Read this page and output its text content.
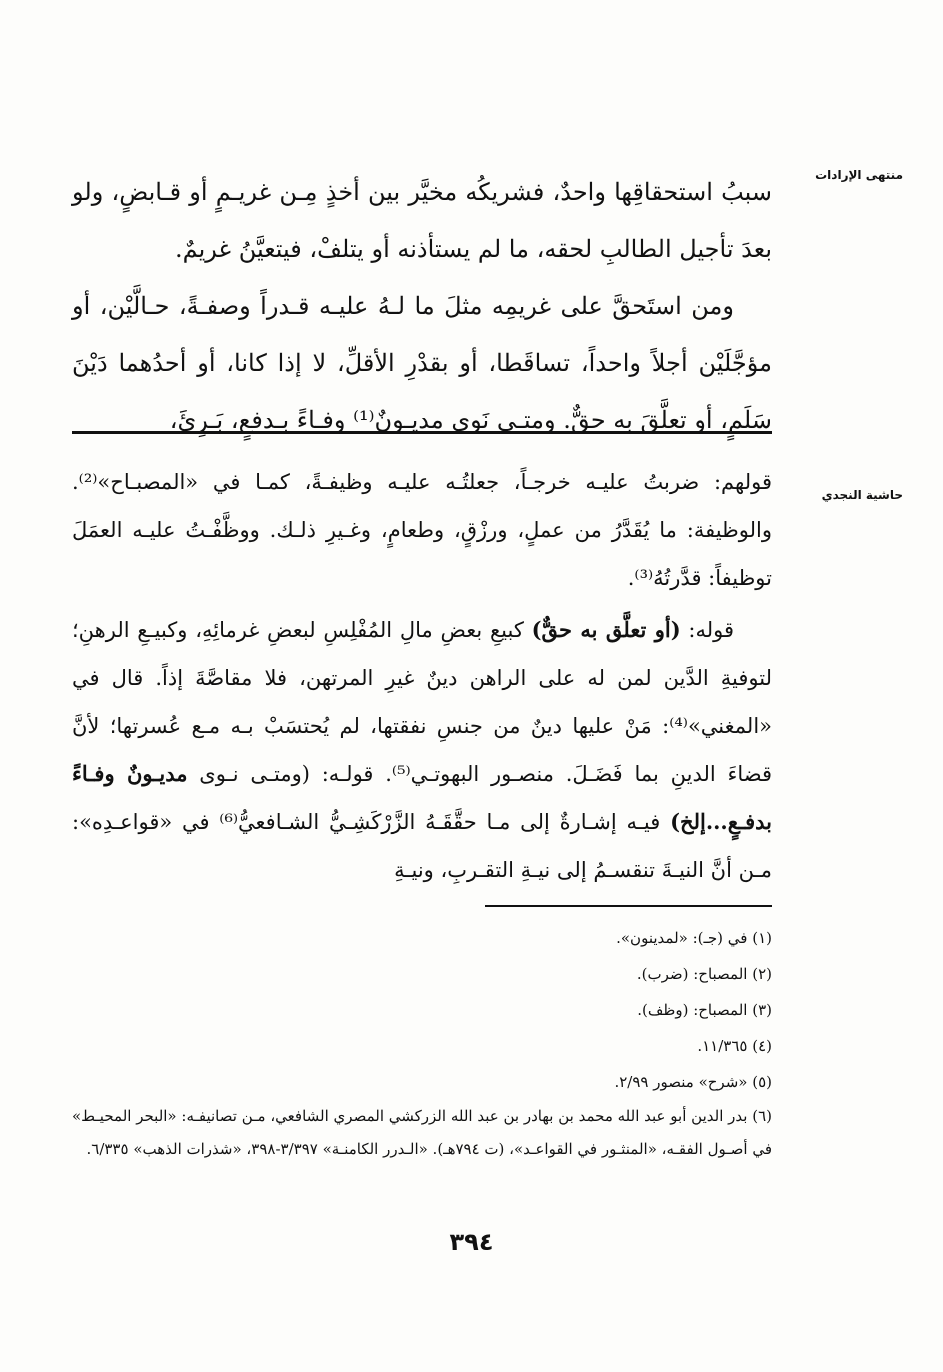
منتهى الإرادات

سببُ استحقاقِها واحدٌ، فشريكُه مخيَّر بين أخذٍ مِـن غريـمٍ أو قـابضٍ، ولو بعدَ تأجيل الطالبِ لحقه، ما لم يستأذنه أو يتلفْ، فيتعيَّنُ غريمٌ.

ومن استَحقَّ على غريمِه مثلَ ما لـهُ عليـه قـدراً وصفـةً، حـالَّيْن، أو مؤجَّلَيْن أجلاً واحداً، تساقَطا، أو بقدْرِ الأقلِّ، لا إذا كانا، أو أحدُهما دَيْنَ سَلَمٍ، أو تعلَّقَ به حقٌّ. ومتـى نَوى مديـونٌ⁽¹⁾ وفـاءً بـدفعٍ، بَـرِئَ،

حاشية النجدي

قولهم: ضربتُ عليـه خرجـاً، جعلتُـه عليـه وظيفـةً، كمـا في «المصبـاح»⁽²⁾. والوظيفة: ما يُقَدَّرُ من عملٍ، ورزْقٍ، وطعامٍ، وغـيرِ ذلـك. ووظَّفْـتُ عليـه العمَلَ توظيفاً: قدَّرتُهُ⁽³⁾.

قوله: (أو تعلَّق به حقٌّ) كبيعِ بعضِ مالِ المُفْلِسِ لبعضِ غرمائِهِ، وكبيـعِ الرهنِ؛ لتوفيةِ الدَّين لمن له على الراهن دينٌ غيرِ المرتهن، فلا مقاصَّةَ إذاً. قال في «المغني»⁽⁴⁾: مَنْ عليها دينٌ من جنسِ نفقتها، لم يُحتسَبْ بـه مـع عُسرتها؛ لأنَّ قضاءَ الدينِ بما فَضَـلَ. منصـور البهوتـي⁽⁵⁾. قولـه: (ومتـى نـوى مديـونٌ وفـاءً بدفـعٍ...إلخ) فيـه إشـارةٌ إلى مـا حقَّقَـهُ الزَّرْكَشِـيُّ الشـافعيُّ⁽⁶⁾ في «قواعـدِه»: مـن أنَّ النيـةَ تنقسـمُ إلى نيـةِ التقـربِ، ونيـةِ

(١) في (جـ): «لمدينون».

(٢) المصباح: (ضرب).

(٣) المصباح: (وظف).

(٤) ١١/٣٦٥.

(٥) «شرح» منصور ٢/٩٩.

(٦) بدر الدين أبو عبد الله محمد بن بهادر بن عبد الله الزركشي المصري الشافعي، مـن تصانيفـه: «البحر المحيـط» في أصـول الفقـه، «المنثـور في القواعـد»، (ت ٧٩٤هـ). «الـدرر الكامنـة» ٣/٣٩٧-٣٩٨، «شذرات الذهب» ٦/٣٣٥.

٣٩٤
